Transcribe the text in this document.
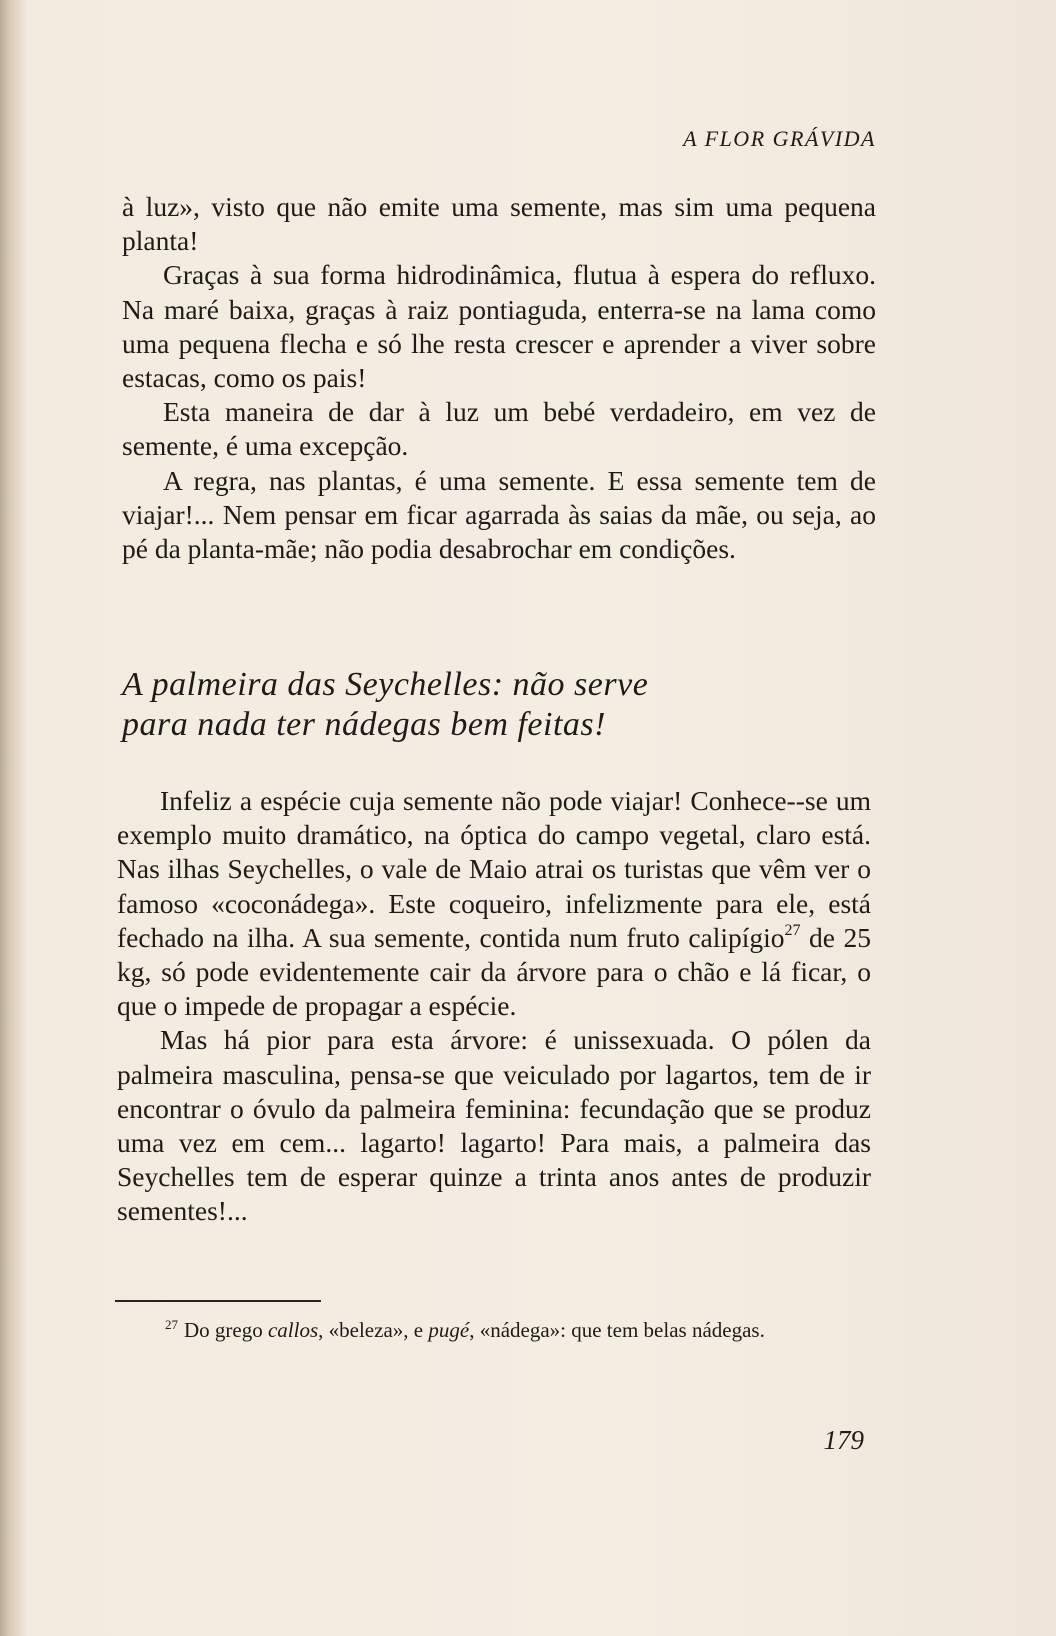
A FLOR GRÁVIDA

à luz», visto que não emite uma semente, mas sim uma pequena planta!

Graças à sua forma hidrodinâmica, flutua à espera do refluxo. Na maré baixa, graças à raiz pontiaguda, enterra-se na lama como uma pequena flecha e só lhe resta crescer e aprender a viver sobre estacas, como os pais!

Esta maneira de dar à luz um bebé verdadeiro, em vez de semente, é uma excepção.

A regra, nas plantas, é uma semente. E essa semente tem de viajar!... Nem pensar em ficar agarrada às saias da mãe, ou seja, ao pé da planta-mãe; não podia desabrochar em condições.

A palmeira das Seychelles: não serve
para nada ter nádegas bem feitas!

Infeliz a espécie cuja semente não pode viajar! Conhece--se um exemplo muito dramático, na óptica do campo vegetal, claro está. Nas ilhas Seychelles, o vale de Maio atrai os turistas que vêm ver o famoso «coconádega». Este coqueiro, infelizmente para ele, está fechado na ilha. A sua semente, contida num fruto calipígio$^{27}$ de 25 kg, só pode evidentemente cair da árvore para o chão e lá ficar, o que o impede de propagar a espécie.

Mas há pior para esta árvore: é unissexuada. O pólen da palmeira masculina, pensa-se que veiculado por lagartos, tem de ir encontrar o óvulo da palmeira feminina: fecundação que se produz uma vez em cem... lagarto! lagarto! Para mais, a palmeira das Seychelles tem de esperar quinze a trinta anos antes de produzir sementes!...

$^{27}$ Do grego callos, «beleza», e pugé, «nádega»: que tem belas nádegas.
179
